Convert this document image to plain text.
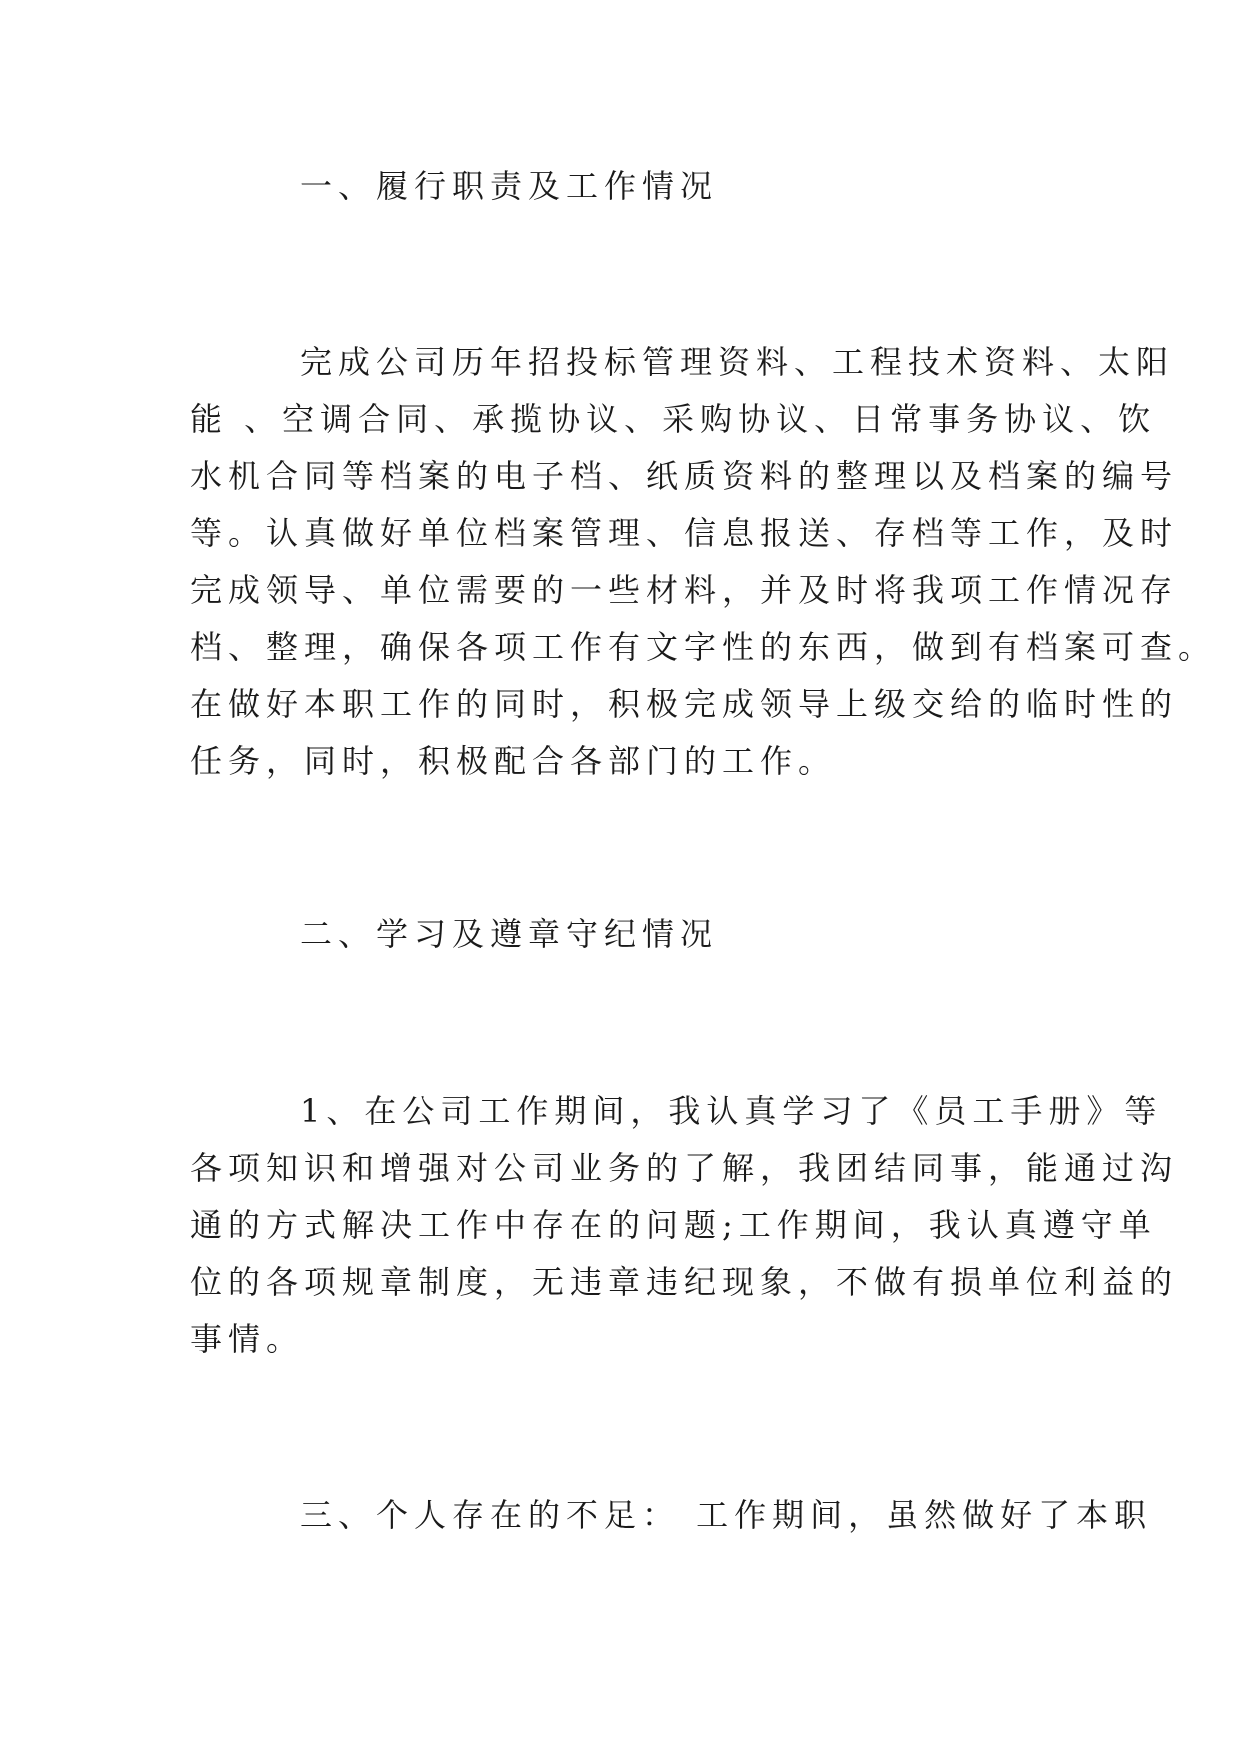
一、履行职责及工作情况
完成公司历年招投标管理资料、工程技术资料、太阳
能 、空调合同、承揽协议、采购协议、日常事务协议、饮
水机合同等档案的电子档、纸质资料的整理以及档案的编号
等。认真做好单位档案管理、信息报送、存档等工作，及时
完成领导、单位需要的一些材料，并及时将我项工作情况存
档、整理，确保各项工作有文字性的东西，做到有档案可查。
在做好本职工作的同时，积极完成领导上级交给的临时性的
任务，同时，积极配合各部门的工作。
二、学习及遵章守纪情况
1、在公司工作期间，我认真学习了《员工手册》等
各项知识和增强对公司业务的了解，我团结同事，能通过沟
通的方式解决工作中存在的问题;工作期间，我认真遵守单
位的各项规章制度，无违章违纪现象，不做有损单位利益的
事情。
三、个人存在的不足： 工作期间，虽然做好了本职
